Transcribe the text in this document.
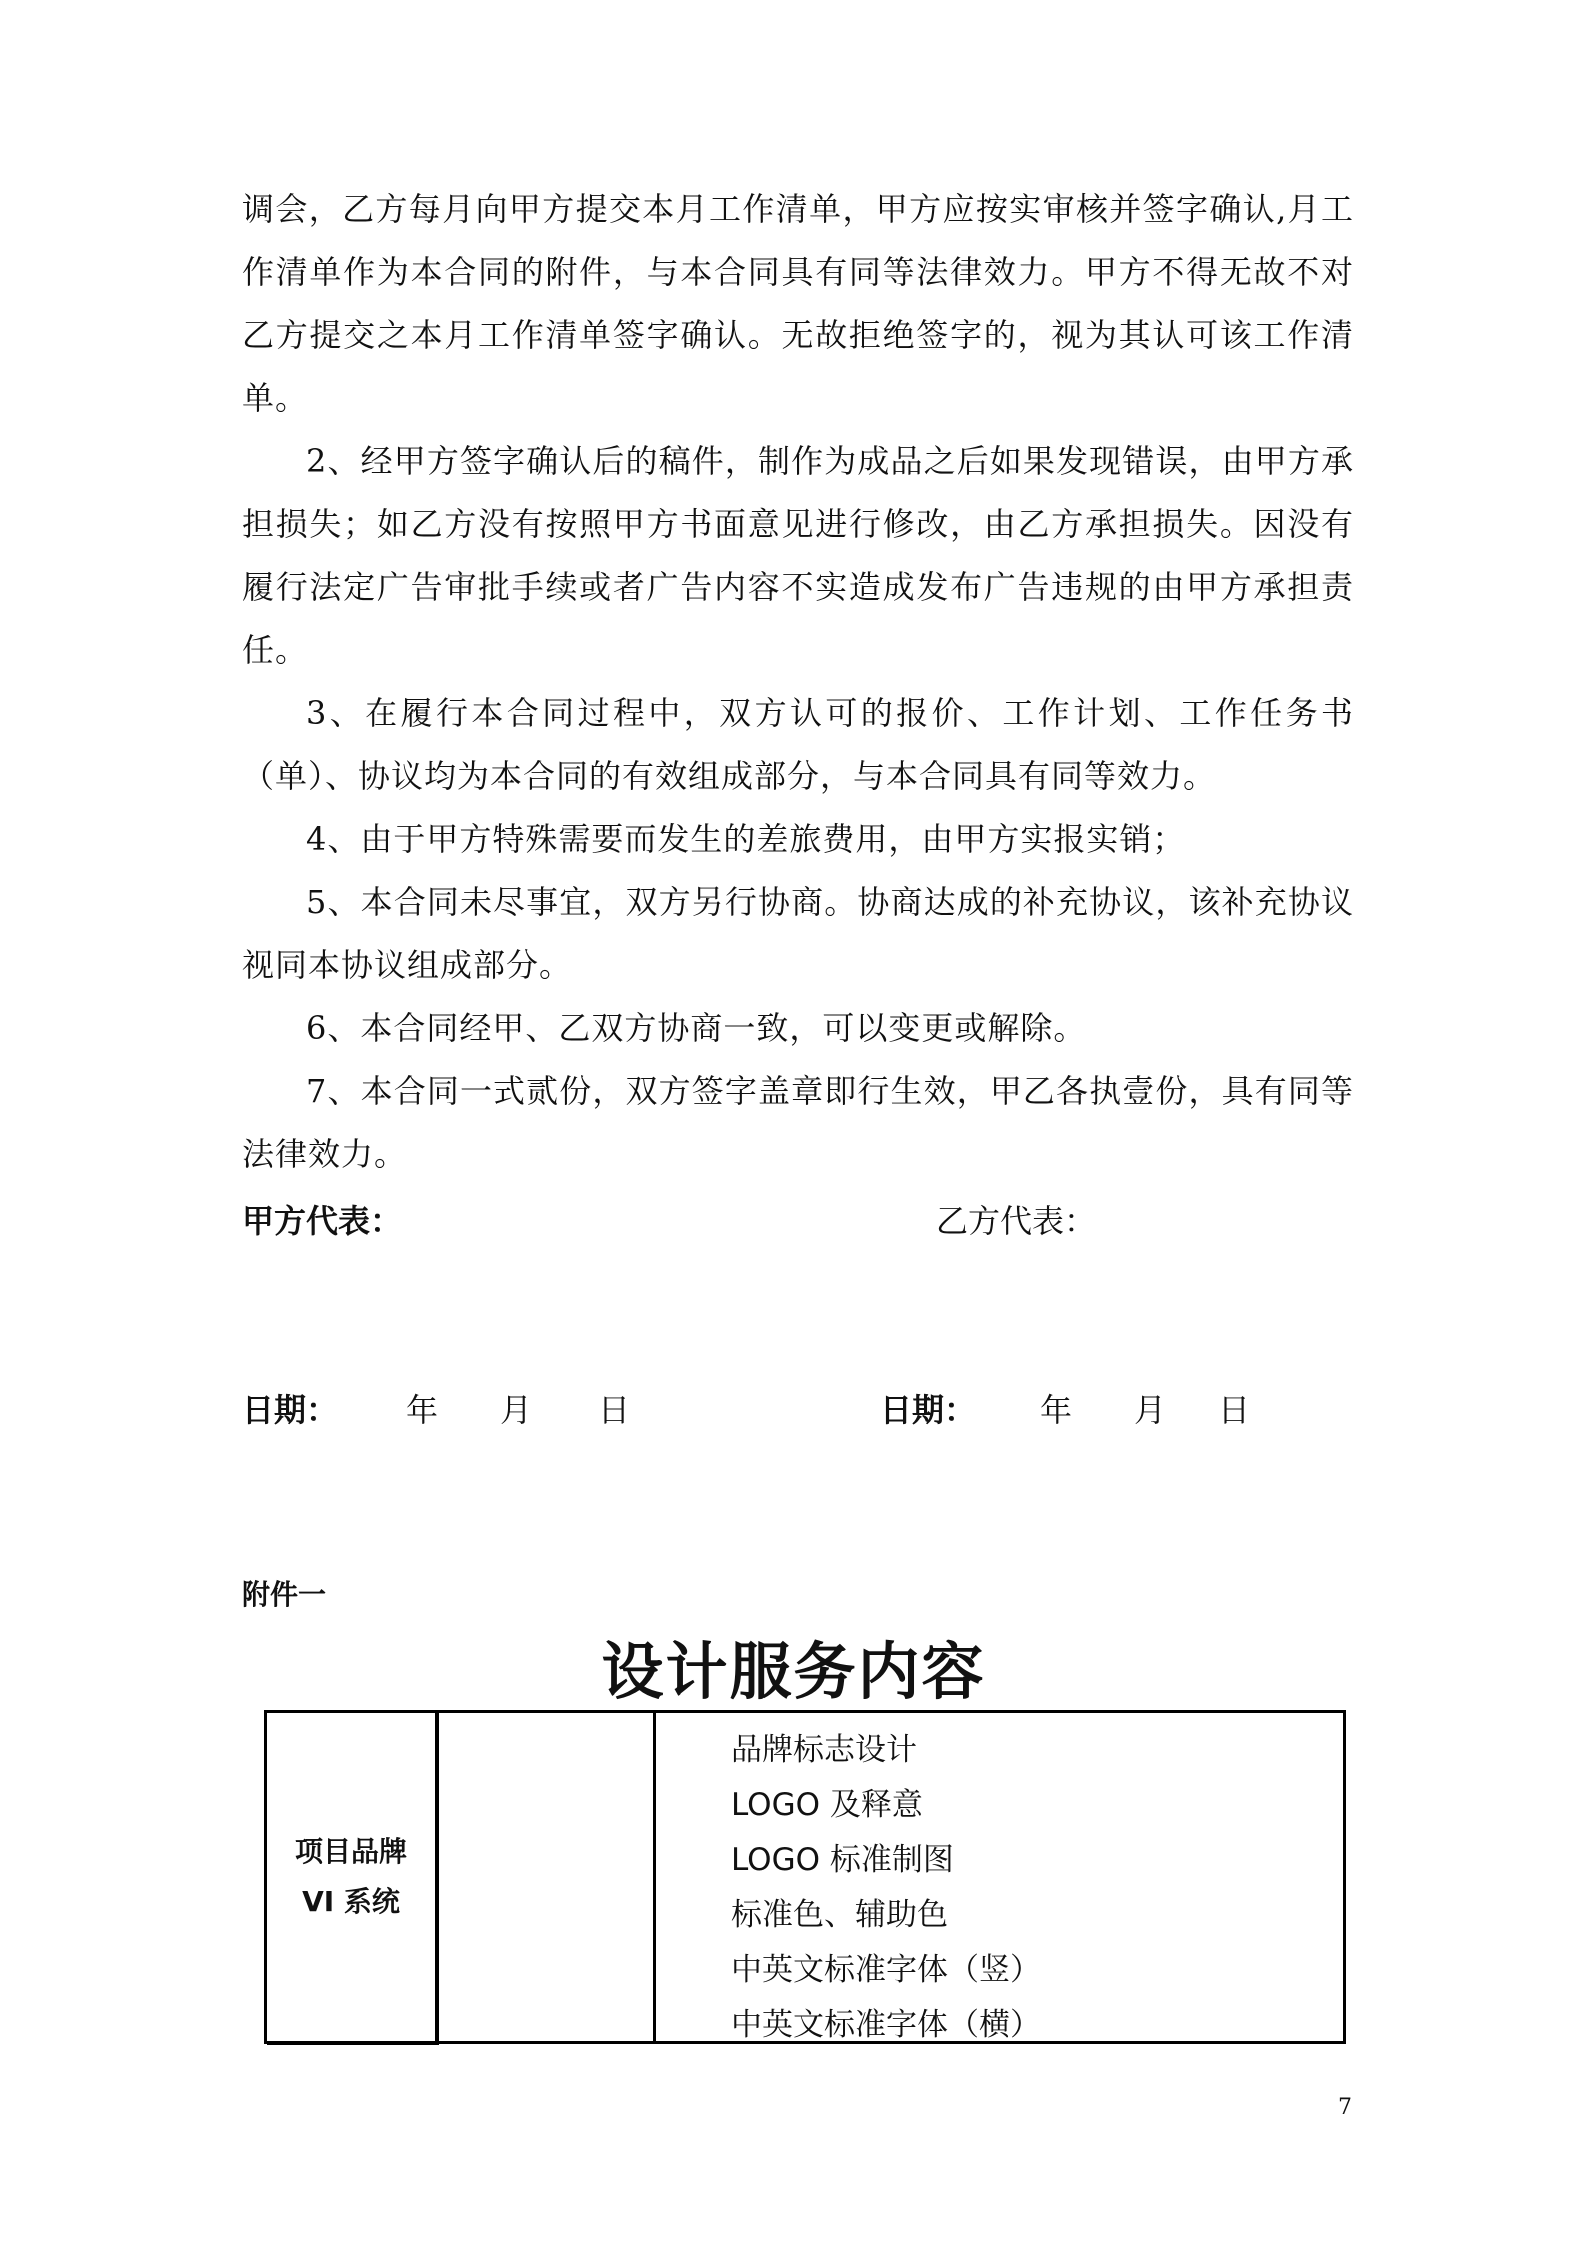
调会，乙方每月向甲方提交本月工作清单，甲方应按实审核并签字确认,月工作清单作为本合同的附件，与本合同具有同等法律效力。甲方不得无故不对乙方提交之本月工作清单签字确认。无故拒绝签字的，视为其认可该工作清单。

2、经甲方签字确认后的稿件，制作为成品之后如果发现错误，由甲方承担损失；如乙方没有按照甲方书面意见进行修改，由乙方承担损失。因没有履行法定广告审批手续或者广告内容不实造成发布广告违规的由甲方承担责任。

3、在履行本合同过程中，双方认可的报价、工作计划、工作任务书（单）、协议均为本合同的有效组成部分，与本合同具有同等效力。

4、由于甲方特殊需要而发生的差旅费用，由甲方实报实销；

5、本合同未尽事宜，双方另行协商。协商达成的补充协议，该补充协议视同本协议组成部分。

6、本合同经甲、乙双方协商一致，可以变更或解除。

7、本合同一式贰份，双方签字盖章即行生效，甲乙各执壹份，具有同等法律效力。

甲方代表：	乙方代表：
日期： 年 月 日	日期： 年 月 日
附件一
设计服务内容
项目品牌
VI 系统
品牌标志设计
LOGO 及释意
LOGO 标准制图
标准色、辅助色
中英文标准字体（竖）
中英文标准字体（横）
7
